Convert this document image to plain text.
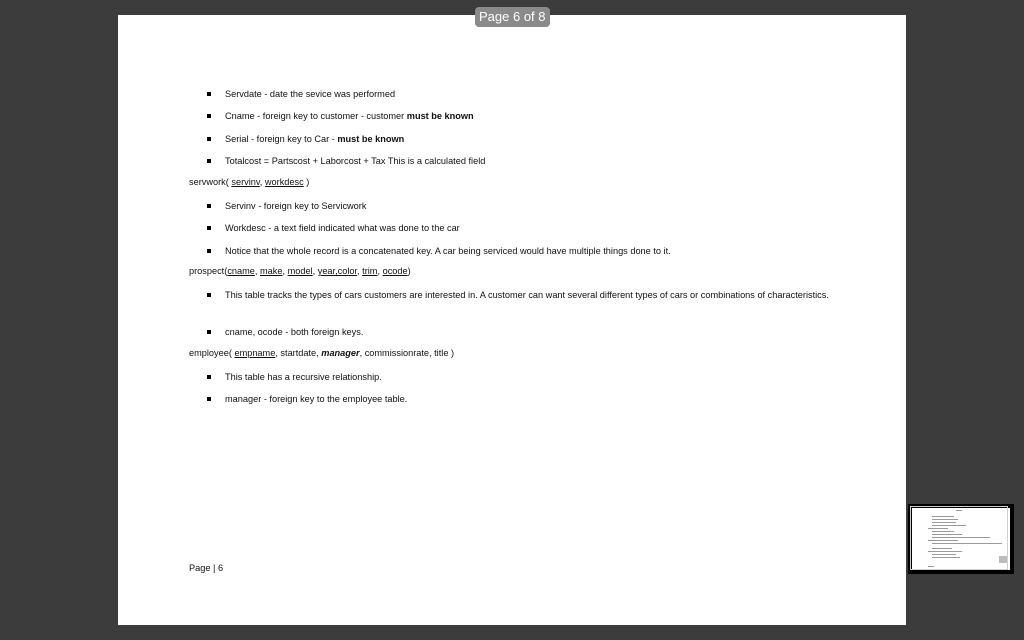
Page 6 of 8
Servdate - date the sevice was performed
Cname - foreign key to customer - customer must be known
Serial - foreign key to Car - must be known
Totalcost = Partscost + Laborcost + Tax This is a calculated field
servwork( servinv, workdesc )
Servinv - foreign key to Servicwork
Workdesc - a text field indicated what was done to the car
Notice that the whole record is a concatenated key. A car being serviced would have multiple things done to it.
prospect(cname, make, model, year,color, trim, ocode)
This table tracks the types of cars customers are interested in. A customer can want several different types of cars or combinations of characteristics.
cname, ocode - both foreign keys.
employee( empname, startdate, manager, commissionrate, title )
This table has a recursive relationship.
manager - foreign key to the employee table.
Page | 6
